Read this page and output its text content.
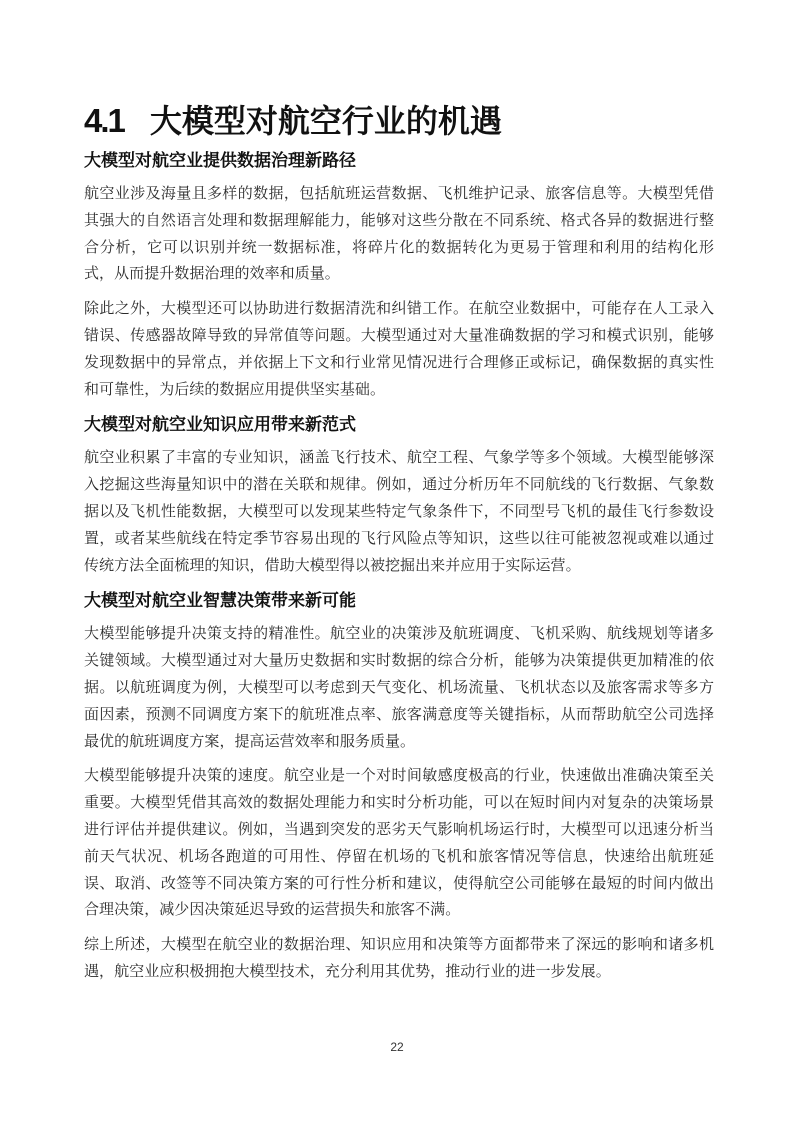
4.1 大模型对航空行业的机遇
大模型对航空业提供数据治理新路径

航空业涉及海量且多样的数据，包括航班运营数据、飞机维护记录、旅客信息等。大模型凭借其强大的自然语言处理和数据理解能力，能够对这些分散在不同系统、格式各异的数据进行整合分析，它可以识别并统一数据标准，将碎片化的数据转化为更易于管理和利用的结构化形式，从而提升数据治理的效率和质量。

除此之外，大模型还可以协助进行数据清洗和纠错工作。在航空业数据中，可能存在人工录入错误、传感器故障导致的异常值等问题。大模型通过对大量准确数据的学习和模式识别，能够发现数据中的异常点，并依据上下文和行业常见情况进行合理修正或标记，确保数据的真实性和可靠性，为后续的数据应用提供坚实基础。

大模型对航空业知识应用带来新范式

航空业积累了丰富的专业知识，涵盖飞行技术、航空工程、气象学等多个领域。大模型能够深入挖掘这些海量知识中的潜在关联和规律。例如，通过分析历年不同航线的飞行数据、气象数据以及飞机性能数据，大模型可以发现某些特定气象条件下，不同型号飞机的最佳飞行参数设置，或者某些航线在特定季节容易出现的飞行风险点等知识，这些以往可能被忽视或难以通过传统方法全面梳理的知识，借助大模型得以被挖掘出来并应用于实际运营。

大模型对航空业智慧决策带来新可能

大模型能够提升决策支持的精准性。航空业的决策涉及航班调度、飞机采购、航线规划等诸多关键领域。大模型通过对大量历史数据和实时数据的综合分析，能够为决策提供更加精准的依据。以航班调度为例，大模型可以考虑到天气变化、机场流量、飞机状态以及旅客需求等多方面因素，预测不同调度方案下的航班准点率、旅客满意度等关键指标，从而帮助航空公司选择最优的航班调度方案，提高运营效率和服务质量。

大模型能够提升决策的速度。航空业是一个对时间敏感度极高的行业，快速做出准确决策至关重要。大模型凭借其高效的数据处理能力和实时分析功能，可以在短时间内对复杂的决策场景进行评估并提供建议。例如，当遇到突发的恶劣天气影响机场运行时，大模型可以迅速分析当前天气状况、机场各跑道的可用性、停留在机场的飞机和旅客情况等信息，快速给出航班延误、取消、改签等不同决策方案的可行性分析和建议，使得航空公司能够在最短的时间内做出合理决策，减少因决策延迟导致的运营损失和旅客不满。

综上所述，大模型在航空业的数据治理、知识应用和决策等方面都带来了深远的影响和诸多机遇，航空业应积极拥抱大模型技术，充分利用其优势，推动行业的进一步发展。

22
